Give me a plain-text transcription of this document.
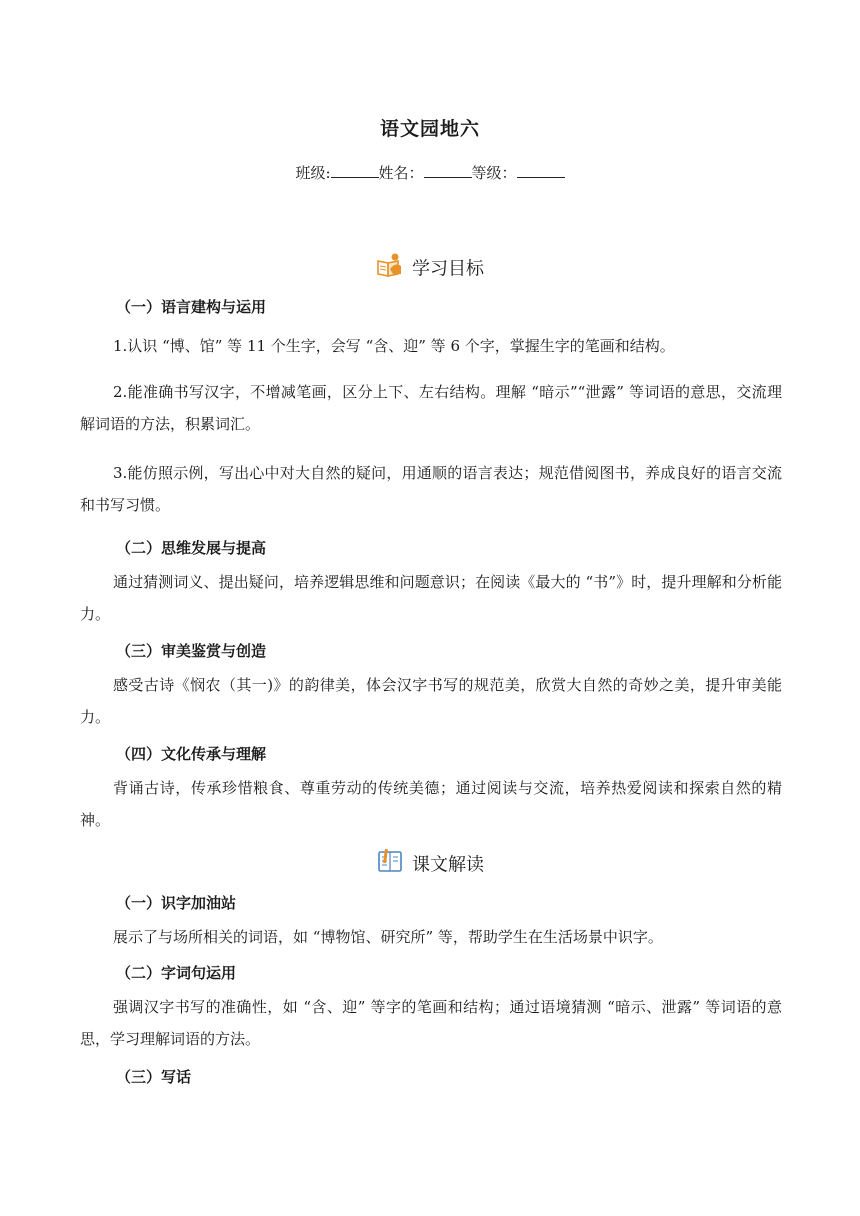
语文园地六
班级:	姓名：	等级：
学习目标
（一）语言建构与运用
1.认识 “博、馆” 等 11 个生字，会写 “含、迎” 等 6 个字，掌握生字的笔画和结构。
2.能准确书写汉字，不增减笔画，区分上下、左右结构。理解 “暗示”“泄露” 等词语的意思，交流理解词语的方法，积累词汇。
3.能仿照示例，写出心中对大自然的疑问，用通顺的语言表达；规范借阅图书，养成良好的语言交流和书写习惯。
（二）思维发展与提高
通过猜测词义、提出疑问，培养逻辑思维和问题意识；在阅读《最大的 “书”》时，提升理解和分析能力。
（三）审美鉴赏与创造
感受古诗《悯农（其一)》的韵律美，体会汉字书写的规范美，欣赏大自然的奇妙之美，提升审美能力。
（四）文化传承与理解
背诵古诗，传承珍惜粮食、尊重劳动的传统美德；通过阅读与交流，培养热爱阅读和探索自然的精神。
课文解读
（一）识字加油站
展示了与场所相关的词语，如 “博物馆、研究所” 等，帮助学生在生活场景中识字。
（二）字词句运用
强调汉字书写的准确性，如 “含、迎” 等字的笔画和结构；通过语境猜测 “暗示、泄露” 等词语的意思，学习理解词语的方法。
（三）写话
